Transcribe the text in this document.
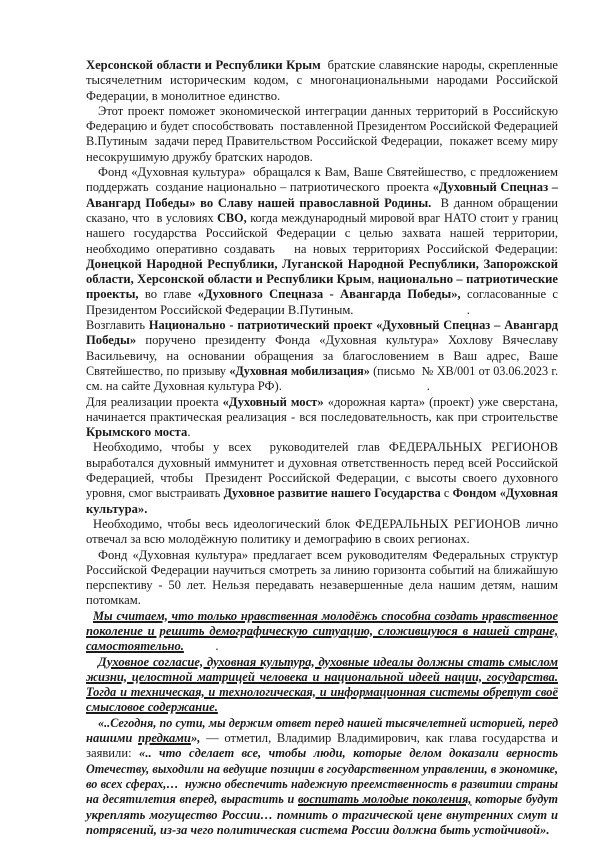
Херсонской области и Республики Крым  братские славянские народы, скрепленные
тысячелетним историческим кодом, с многонациональными народами Российской
Федерации, в монолитное единство.
Этот проект поможет экономической интеграции данных территорий в Российскую
Федерацию и будет способствовать  поставленной Президентом Российской Федерацией
В.Путиным  задачи перед Правительством Российской Федерации,  покажет всему миру
несокрушимую дружбу братских народов.
Фонд «Духовная культура»  обращался к Вам, Ваше Святейшество, с предложением
поддержать  создание национально – патриотического  проекта «Духовный Спецназ –
Авангард Победы» во Славу нашей православной Родины.  В данном обращении
сказано, что  в условиях СВО, когда международный мировой враг НАТО стоит у границ
нашего государства Российской Федерации с целью захвата нашей территории,
необходимо оперативно создавать   на новых территориях Российской Федерации:
Донецкой Народной Республики, Луганской Народной Республики, Запорожской
области, Херсонской области и Республики Крым, национально – патриотические
проекты, во главе «Духовного Спецназа - Авангарда Победы», согласованные с
Президентом Российской Федерации В.Путиным.                                    .
Возглавить Национально - патриотический проект «Духовный Спецназ – Авангард
Победы» поручено президенту Фонда «Духовная культура» Хохлову Вячеславу
Васильевичу, на основании обращения за благословением в Ваш адрес, Ваше
Святейшество, по призыву «Духовная мобилизация» (письмо  № ХВ/001 от 03.06.2023 г.
см. на сайте Духовная культура РФ).                                              .
Для реализации проекта «Духовный мост» «дорожная карта» (проект) уже сверстана,
начинается практическая реализация - вся последовательность, как при строительстве
Крымского моста.
Необходимо, чтобы у всех  руководителей глав ФЕДЕРАЛЬНЫХ РЕГИОНОВ
выработался духовный иммунитет и духовная ответственность перед всей Российской
Федерацией, чтобы  Президент Российской Федерации, с высоты своего духовного
уровня, смог выстраивать Духовное развитие нашего Государства с Фондом «Духовная
культура».
Необходимо, чтобы весь идеологический блок ФЕДЕРАЛЬНЫХ РЕГИОНОВ лично
отвечал за всю молодёжную политику и демографию в своих регионах.
Фонд «Духовная культура» предлагает всем руководителям Федеральных структур
Российской Федерации научиться смотреть за линию горизонта событий на ближайшую
перспективу - 50 лет. Нельзя передавать незавершенные дела нашим детям, нашим
потомкам.
Мы считаем, что только нравственная молодёжь способна создать нравственное
поколение и решить демографическую ситуацию, сложившуюся в нашей стране,
самостоятельно.          .
Духовное согласие, духовная культура, духовные идеалы должны стать смыслом
жизни, целостной матрицей человека и национальной идеей нации, государства.
Тогда и техническая, и технологическая, и информационная системы обретут своё
смысловое содержание.
«..Сегодня, по сути, мы держим ответ перед нашей тысячелетней историей, перед
нашими предками», — отметил, Владимир Владимирович, как глава государства и
заявили: «.. что сделает все, чтобы люди, которые делом доказали верность
Отечеству, выходили на ведущие позиции в государственном управлении, в экономике,
во всех сферах,…  нужно обеспечить надежную преемственность в развитии страны
на десятилетия вперед, вырастить и воспитать молодые поколения, которые будут
укреплять могущество России… помнить о трагической цене внутренних смут и
потрясений, из-за чего политическая система России должна быть устойчивой».
